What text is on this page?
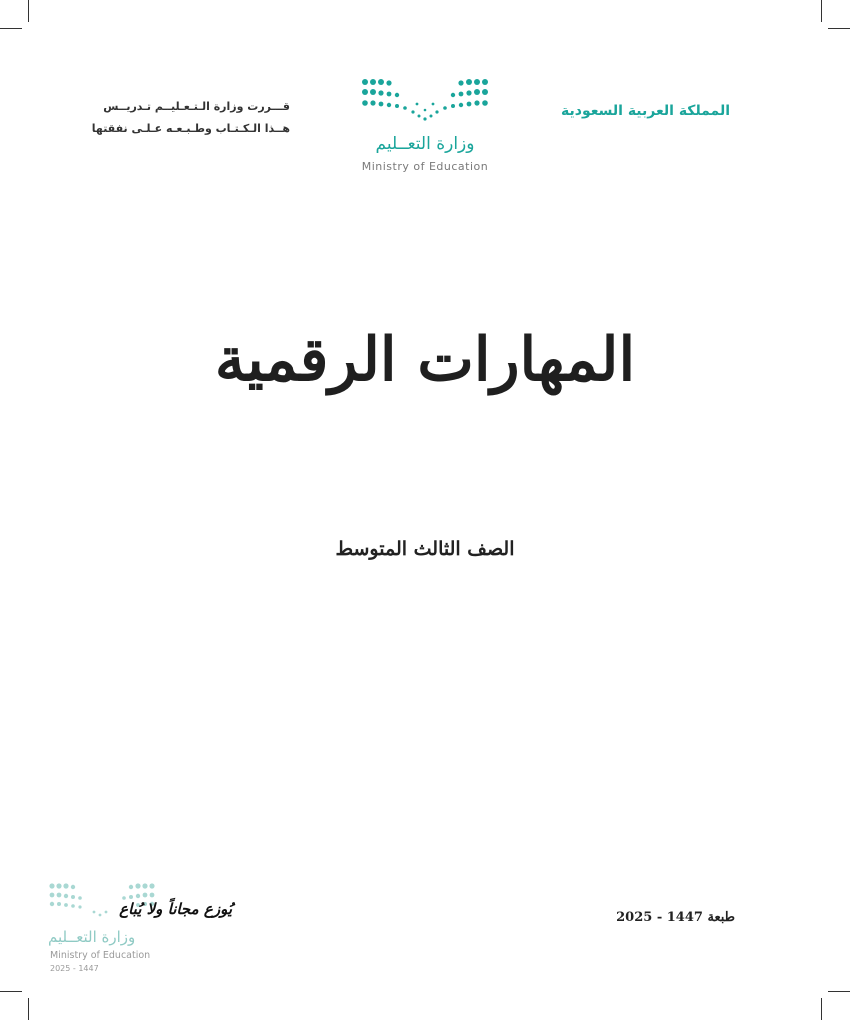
المملكة العربية السعودية
قـــررت وزارة الـتـعـليــم تـدريــس
هــذا الـكـتـاب وطـبـعـه عـلـى نفقتها
وزارة التعــليم
Ministry of Education
المهارات الرقمية
الصف الثالث المتوسط
يُوزع مجاناً ولا يُباع
وزارة التعــليم
Ministry of Education
2025 - 1447
طبعة 1447 - 2025
